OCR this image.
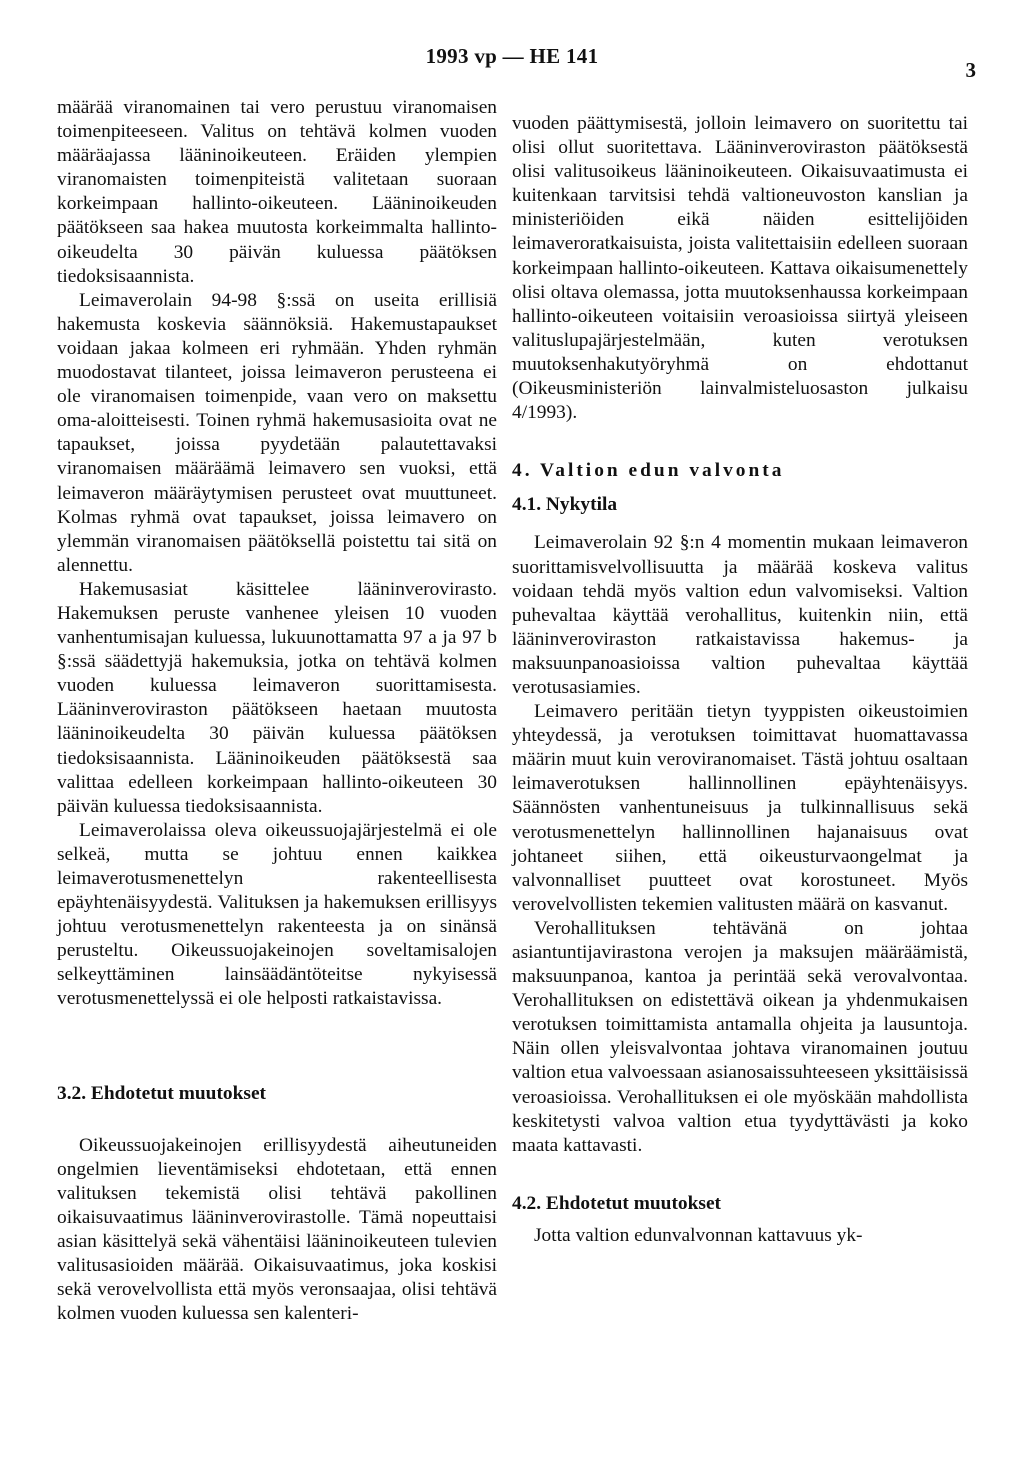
1993 vp — HE 141
3

määrää viranomainen tai vero perustuu viranomaisen toimenpiteeseen. Valitus on tehtävä kolmen vuoden määräajassa lääninoikeuteen. Eräiden ylempien viranomaisten toimenpiteistä valitetaan suoraan korkeimpaan hallinto-oikeuteen. Lääninoikeuden päätökseen saa hakea muutosta korkeimmalta hallinto-oikeudelta 30 päivän kuluessa päätöksen tiedoksisaannista.

Leimaverolain 94-98 §:ssä on useita erillisiä hakemusta koskevia säännöksiä. Hakemustapaukset voidaan jakaa kolmeen eri ryhmään. Yhden ryhmän muodostavat tilanteet, joissa leimaveron perusteena ei ole viranomaisen toimenpide, vaan vero on maksettu oma-aloitteisesti. Toinen ryhmä hakemusasioita ovat ne tapaukset, joissa pyydetään palautettavaksi viranomaisen määräämä leimavero sen vuoksi, että leimaveron määräytymisen perusteet ovat muuttuneet. Kolmas ryhmä ovat tapaukset, joissa leimavero on ylemmän viranomaisen päätöksellä poistettu tai sitä on alennettu.

Hakemusasiat käsittelee lääninverovirasto. Hakemuksen peruste vanhenee yleisen 10 vuoden vanhentumisajan kuluessa, lukuunottamatta 97 a ja 97 b §:ssä säädettyjä hakemuksia, jotka on tehtävä kolmen vuoden kuluessa leimaveron suorittamisesta. Lääninveroviraston päätökseen haetaan muutosta lääninoikeudelta 30 päivän kuluessa päätöksen tiedoksisaannista. Lääninoikeuden päätöksestä saa valittaa edelleen korkeimpaan hallinto-oikeuteen 30 päivän kuluessa tiedoksisaannista.

Leimaverolaissa oleva oikeussuojajärjestelmä ei ole selkeä, mutta se johtuu ennen kaikkea leimaverotusmenettelyn rakenteellisesta epäyhtenäisyydestä. Valituksen ja hakemuksen erillisyys johtuu verotusmenettelyn rakenteesta ja on sinänsä perusteltu. Oikeussuojakeinojen soveltamisalojen selkeyttäminen lainsäädäntöteitse nykyisessä verotusmenettelyssä ei ole helposti ratkaistavissa.

3.2. Ehdotetut muutokset

Oikeussuojakeinojen erillisyydestä aiheutuneiden ongelmien lieventämiseksi ehdotetaan, että ennen valituksen tekemistä olisi tehtävä pakollinen oikaisuvaatimus lääninverovirastolle. Tämä nopeuttaisi asian käsittelyä sekä vähentäisi lääninoikeuteen tulevien valitusasioiden määrää. Oikaisuvaatimus, joka koskisi sekä verovelvollista että myös veronsaajaa, olisi tehtävä kolmen vuoden kuluessa sen kalenteri-

vuoden päättymisestä, jolloin leimavero on suoritettu tai olisi ollut suoritettava. Lääninveroviraston päätöksestä olisi valitusoikeus lääninoikeuteen. Oikaisuvaatimusta ei kuitenkaan tarvitsisi tehdä valtioneuvoston kanslian ja ministeriöiden eikä näiden esittelijöiden leimaveroratkaisuista, joista valitettaisiin edelleen suoraan korkeimpaan hallinto-oikeuteen. Kattava oikaisumenettely olisi oltava olemassa, jotta muutoksenhaussa korkeimpaan hallinto-oikeuteen voitaisiin veroasioissa siirtyä yleiseen valituslupajärjestelmään, kuten verotuksen muutoksenhakutyöryhmä on ehdottanut (Oikeusministeriön lainvalmisteluosaston julkaisu 4/1993).

4. Valtion edun valvonta
4.1. Nykytila

Leimaverolain 92 §:n 4 momentin mukaan leimaveron suorittamisvelvollisuutta ja määrää koskeva valitus voidaan tehdä myös valtion edun valvomiseksi. Valtion puhevaltaa käyttää verohallitus, kuitenkin niin, että lääninveroviraston ratkaistavissa hakemus- ja maksuunpanoasioissa valtion puhevaltaa käyttää verotusasiamies.

Leimavero peritään tietyn tyyppisten oikeustoimien yhteydessä, ja verotuksen toimittavat huomattavassa määrin muut kuin veroviranomaiset. Tästä johtuu osaltaan leimaverotuksen hallinnollinen epäyhtenäisyys. Säännösten vanhentuneisuus ja tulkinnallisuus sekä verotusmenettelyn hallinnollinen hajanaisuus ovat johtaneet siihen, että oikeusturvaongelmat ja valvonnalliset puutteet ovat korostuneet. Myös verovelvollisten tekemien valitusten määrä on kasvanut.

Verohallituksen tehtävänä on johtaa asiantuntijavirastona verojen ja maksujen määräämistä, maksuunpanoa, kantoa ja perintää sekä verovalvontaa. Verohallituksen on edistettävä oikean ja yhdenmukaisen verotuksen toimittamista antamalla ohjeita ja lausuntoja. Näin ollen yleisvalvontaa johtava viranomainen joutuu valtion etua valvoessaan asianosaissuhteeseen yksittäisissä veroasioissa. Verohallituksen ei ole myöskään mahdollista keskitetysti valvoa valtion etua tyydyttävästi ja koko maata kattavasti.

4.2. Ehdotetut muutokset

Jotta valtion edunvalvonnan kattavuus yk-
